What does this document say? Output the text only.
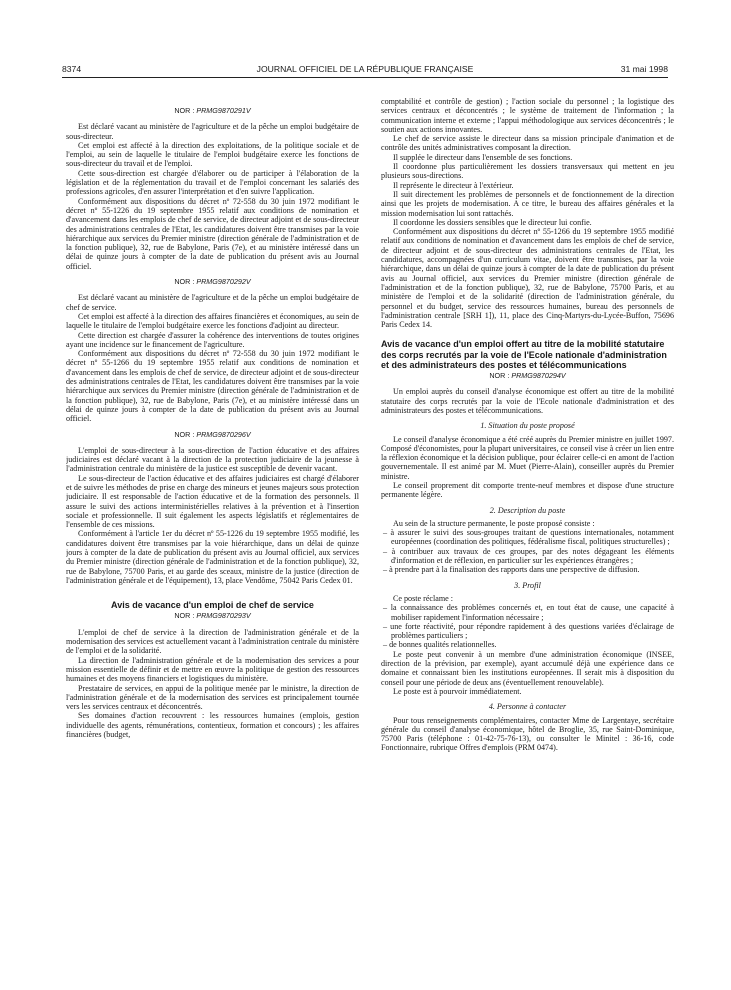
8374	JOURNAL OFFICIEL DE LA RÉPUBLIQUE FRANÇAISE	31 mai 1998

NOR : PRMG9870291V

Est déclaré vacant au ministère de l'agriculture et de la pêche un emploi budgétaire de sous-directeur.

Cet emploi est affecté à la direction des exploitations, de la politique sociale et de l'emploi, au sein de laquelle le titulaire de l'emploi budgétaire exerce les fonctions de sous-directeur du travail et de l'emploi.

Cette sous-direction est chargée d'élaborer ou de participer à l'élaboration de la législation et de la réglementation du travail et de l'emploi concernant les salariés des professions agricoles, d'en assurer l'interprétation et d'en suivre l'application.

Conformément aux dispositions du décret nº 72-558 du 30 juin 1972 modifiant le décret nº 55-1226 du 19 septembre 1955 relatif aux conditions de nomination et d'avancement dans les emplois de chef de service, de directeur adjoint et de sous-directeur des administrations centrales de l'Etat, les candidatures doivent être transmises par la voie hiérarchique aux services du Premier ministre (direction générale de l'administration et de la fonction publique), 32, rue de Babylone, Paris (7e), et au ministère intéressé dans un délai de quinze jours à compter de la date de publication du présent avis au Journal officiel.

NOR : PRMG9870292V

Est déclaré vacant au ministère de l'agriculture et de la pêche un emploi budgétaire de chef de service.

Cet emploi est affecté à la direction des affaires financières et économiques, au sein de laquelle le titulaire de l'emploi budgétaire exerce les fonctions d'adjoint au directeur.

Cette direction est chargée d'assurer la cohérence des interventions de toutes origines ayant une incidence sur le financement de l'agriculture.

Conformément aux dispositions du décret nº 72-558 du 30 juin 1972 modifiant le décret nº 55-1266 du 19 septembre 1955 relatif aux conditions de nomination et d'avancement dans les emplois de chef de service, de directeur adjoint et de sous-directeur des administrations centrales de l'Etat, les candidatures doivent être transmises par la voie hiérarchique aux services du Premier ministre (direction générale de l'administration et de la fonction publique), 32, rue de Babylone, Paris (7e), et au ministère intéressé dans un délai de quinze jours à compter de la date de publication du présent avis au Journal officiel.

NOR : PRMG9870296V

L'emploi de sous-directeur à la sous-direction de l'action éducative et des affaires judiciaires est déclaré vacant à la direction de la protection judiciaire de la jeunesse à l'administration centrale du ministère de la justice est susceptible de devenir vacant.

Le sous-directeur de l'action éducative et des affaires judiciaires est chargé d'élaborer et de suivre les méthodes de prise en charge des mineurs et jeunes majeurs sous protection judiciaire. Il est responsable de l'action éducative et de la formation des personnels. Il assure le suivi des actions interministérielles relatives à la prévention et à l'insertion sociale et professionnelle. Il suit également les aspects législatifs et réglementaires de l'ensemble de ces missions.

Conformément à l'article 1er du décret nº 55-1226 du 19 septembre 1955 modifié, les candidatures doivent être transmises par la voie hiérarchique, dans un délai de quinze jours à compter de la date de publication du présent avis au Journal officiel, aux services du Premier ministre (direction générale de l'administration et de la fonction publique), 32, rue de Babylone, 75700 Paris, et au garde des sceaux, ministre de la justice (direction de l'administration générale et de l'équipement), 13, place Vendôme, 75042 Paris Cedex 01.

Avis de vacance d'un emploi de chef de service

NOR : PRMG9870293V

L'emploi de chef de service à la direction de l'administration générale et de la modernisation des services est actuellement vacant à l'administration centrale du ministère de l'emploi et de la solidarité.

La direction de l'administration générale et de la modernisation des services a pour mission essentielle de définir et de mettre en œuvre la politique de gestion des ressources humaines et des moyens financiers et logistiques du ministère.

Prestataire de services, en appui de la politique menée par le ministre, la direction de l'administration générale et de la modernisation des services est principalement tournée vers les services centraux et déconcentrés.

Ses domaines d'action recouvrent : les ressources humaines (emplois, gestion individuelle des agents, rémunérations, contentieux, formation et concours) ; les affaires financières (budget,

comptabilité et contrôle de gestion) ; l'action sociale du personnel ; la logistique des services centraux et déconcentrés ; le système de traitement de l'information ; la communication interne et externe ; l'appui méthodologique aux services déconcentrés ; le soutien aux actions innovantes.

Le chef de service assiste le directeur dans sa mission principale d'animation et de contrôle des unités administratives composant la direction.

Il supplée le directeur dans l'ensemble de ses fonctions.

Il coordonne plus particulièrement les dossiers transversaux qui mettent en jeu plusieurs sous-directions.

Il représente le directeur à l'extérieur.

Il suit directement les problèmes de personnels et de fonctionnement de la direction ainsi que les projets de modernisation. A ce titre, le bureau des affaires générales et la mission modernisation lui sont rattachés.

Il coordonne les dossiers sensibles que le directeur lui confie.

Conformément aux dispositions du décret nº 55-1266 du 19 septembre 1955 modifié relatif aux conditions de nomination et d'avancement dans les emplois de chef de service, de directeur adjoint et de sous-directeur des administrations centrales de l'Etat, les candidatures, accompagnées d'un curriculum vitae, doivent être transmises, par la voie hiérarchique, dans un délai de quinze jours à compter de la date de publication du présent avis au Journal officiel, aux services du Premier ministre (direction générale de l'administration et de la fonction publique), 32, rue de Babylone, 75700 Paris, et au ministère de l'emploi et de la solidarité (direction de l'administration générale, du personnel et du budget, service des ressources humaines, bureau des personnels de l'administration centrale [SRH 1]), 11, place des Cinq-Martyrs-du-Lycée-Buffon, 75696 Paris Cedex 14.

Avis de vacance d'un emploi offert au titre de la mobilité statutaire des corps recrutés par la voie de l'Ecole nationale d'administration et des administrateurs des postes et télécommunications

NOR : PRMG9870294V

Un emploi auprès du conseil d'analyse économique est offert au titre de la mobilité statutaire des corps recrutés par la voie de l'Ecole nationale d'administration et des administrateurs des postes et télécommunications.

1. Situation du poste proposé

Le conseil d'analyse économique a été créé auprès du Premier ministre en juillet 1997. Composé d'économistes, pour la plupart universitaires, ce conseil vise à créer un lien entre la réflexion économique et la décision publique, pour éclairer celle-ci en amont de l'action gouvernementale. Il est animé par M. Muet (Pierre-Alain), conseiller auprès du Premier ministre.

Le conseil proprement dit comporte trente-neuf membres et dispose d'une structure permanente légère.

2. Description du poste

Au sein de la structure permanente, le poste proposé consiste :

– à assurer le suivi des sous-groupes traitant de questions internationales, notamment européennes (coordination des politiques, fédéralisme fiscal, politiques structurelles) ;

– à contribuer aux travaux de ces groupes, par des notes dégageant les éléments d'information et de réflexion, en particulier sur les expériences étrangères ;

– à prendre part à la finalisation des rapports dans une perspective de diffusion.

3. Profil

Ce poste réclame :

– la connaissance des problèmes concernés et, en tout état de cause, une capacité à mobiliser rapidement l'information nécessaire ;

– une forte réactivité, pour répondre rapidement à des questions variées d'éclairage de problèmes particuliers ;

– de bonnes qualités relationnelles.

Le poste peut convenir à un membre d'une administration économique (INSEE, direction de la prévision, par exemple), ayant accumulé déjà une expérience dans ce domaine et connaissant bien les institutions européennes. Il serait mis à disposition du conseil pour une période de deux ans (éventuellement renouvelable).

Le poste est à pourvoir immédiatement.

4. Personne à contacter

Pour tous renseignements complémentaires, contacter Mme de Largentaye, secrétaire générale du conseil d'analyse économique, hôtel de Broglie, 35, rue Saint-Dominique, 75700 Paris (téléphone : 01-42-75-76-13), ou consulter le Minitel : 36-16, code Fonctionnaire, rubrique Offres d'emplois (PRM 0474).
